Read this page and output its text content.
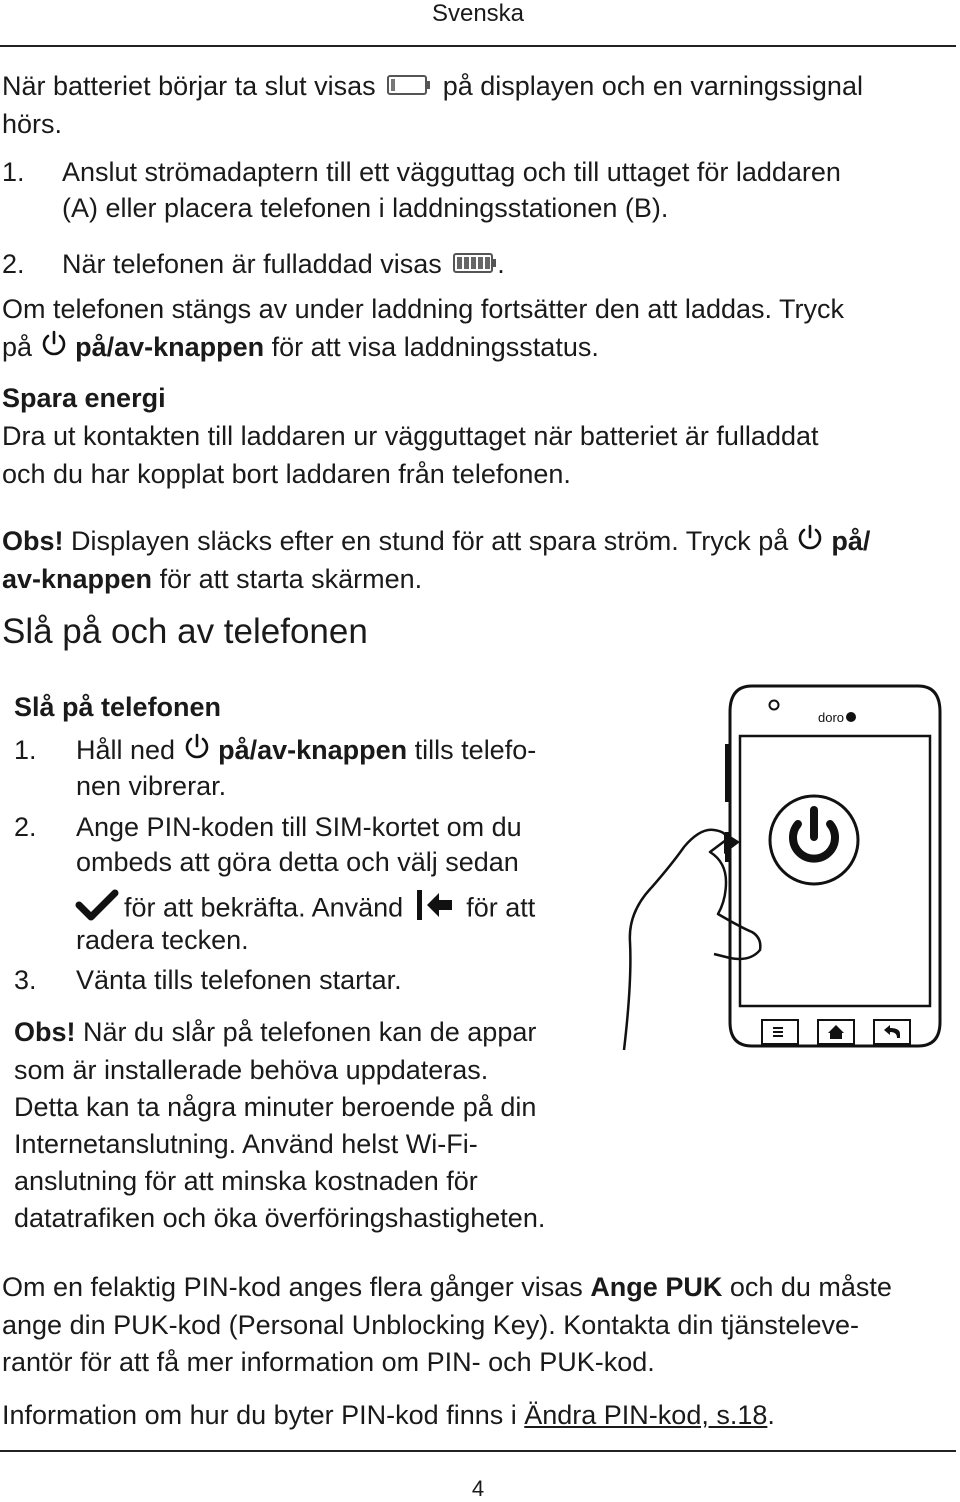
Svenska
När batteriet börjar ta slut visas på displayen och en varningssignal
hörs.
1. Anslut strömadaptern till ett vägguttag och till uttaget för laddaren
(A) eller placera telefonen i laddningsstationen (B).
2. När telefonen är fulladdad visas .
Om telefonen stängs av under laddning fortsätter den att laddas. Tryck
på på/av-knappen för att visa laddningsstatus.
Spara energi
Dra ut kontakten till laddaren ur vägguttaget när batteriet är fulladdat
och du har kopplat bort laddaren från telefonen.
Obs! Displayen släcks efter en stund för att spara ström. Tryck på på/
av-knappen för att starta skärmen.
Slå på och av telefonen
Slå på telefonen
1. Håll ned på/av-knappen tills telefo-
nen vibrerar.
2. Ange PIN-koden till SIM-kortet om du
ombeds att göra detta och välj sedan
för att bekräfta. Använd för att
radera tecken.
3. Vänta tills telefonen startar.
Obs! När du slår på telefonen kan de appar
som är installerade behöva uppdateras.
Detta kan ta några minuter beroende på din
Internetanslutning. Använd helst Wi-Fi-
anslutning för att minska kostnaden för
datatrafiken och öka överföringshastigheten.
doro
Om en felaktig PIN-kod anges flera gånger visas Ange PUK och du måste
ange din PUK-kod (Personal Unblocking Key). Kontakta din tjänsteleve-
rantör för att få mer information om PIN- och PUK-kod.
Information om hur du byter PIN-kod finns i Ändra PIN-kod, s.18.
4
